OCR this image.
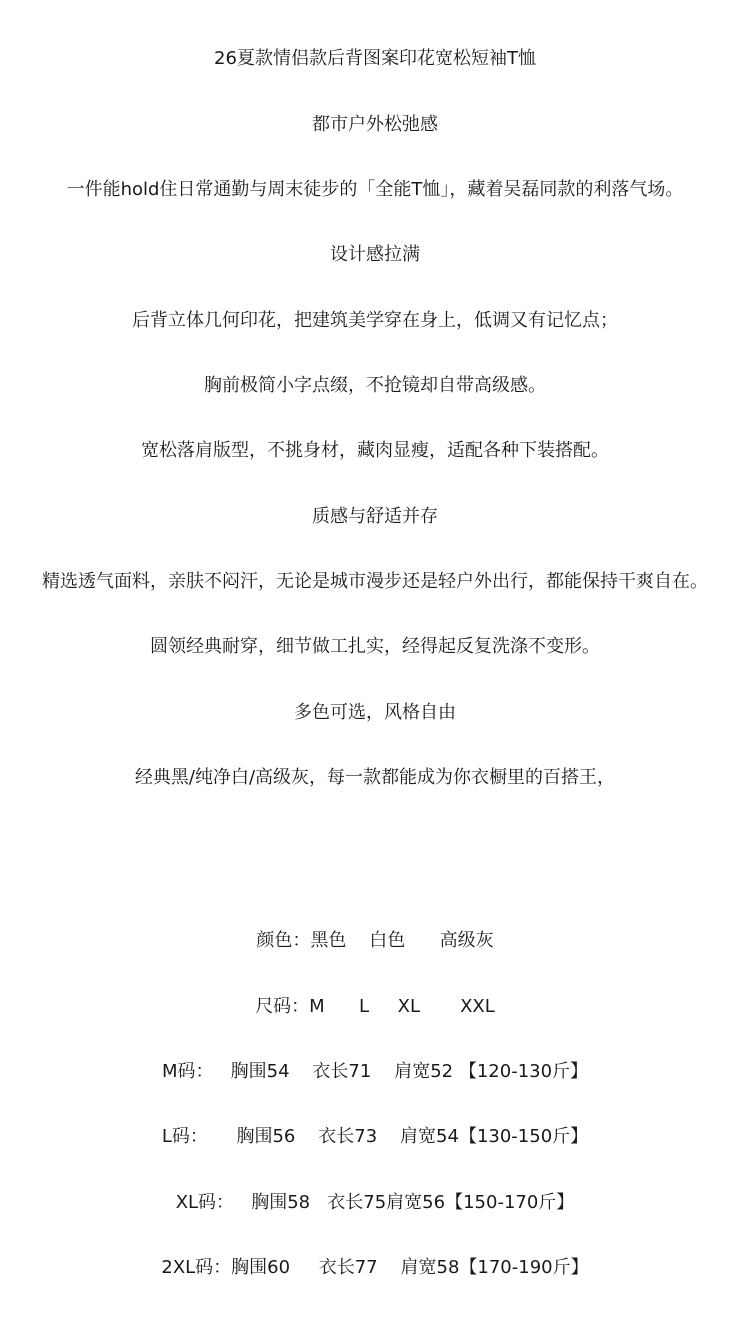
26夏款情侣款后背图案印花宽松短袖T恤
都市户外松弛感
一件能hold住日常通勤与周末徒步的「全能T恤」，藏着吴磊同款的利落气场。
设计感拉满
后背立体几何印花，把建筑美学穿在身上，低调又有记忆点；
胸前极简小字点缀，不抢镜却自带高级感。
宽松落肩版型，不挑身材，藏肉显瘦，适配各种下装搭配。
质感与舒适并存
精选透气面料，亲肤不闷汗，无论是城市漫步还是轻户外出行，都能保持干爽自在。
圆领经典耐穿，细节做工扎实，经得起反复洗涤不变形。
多色可选，风格自由
经典黑/纯净白/高级灰，每一款都能成为你衣橱里的百搭王，
颜色：黑色    白色      高级灰
尺码：M      L     XL       XXL
M码：   胸围54    衣长71    肩宽52 【120-130斤】
L码：     胸围56    衣长73    肩宽54【130-150斤】
XL码：   胸围58   衣长75肩宽56【150-170斤】
2XL码：胸围60     衣长77    肩宽58【170-190斤】
